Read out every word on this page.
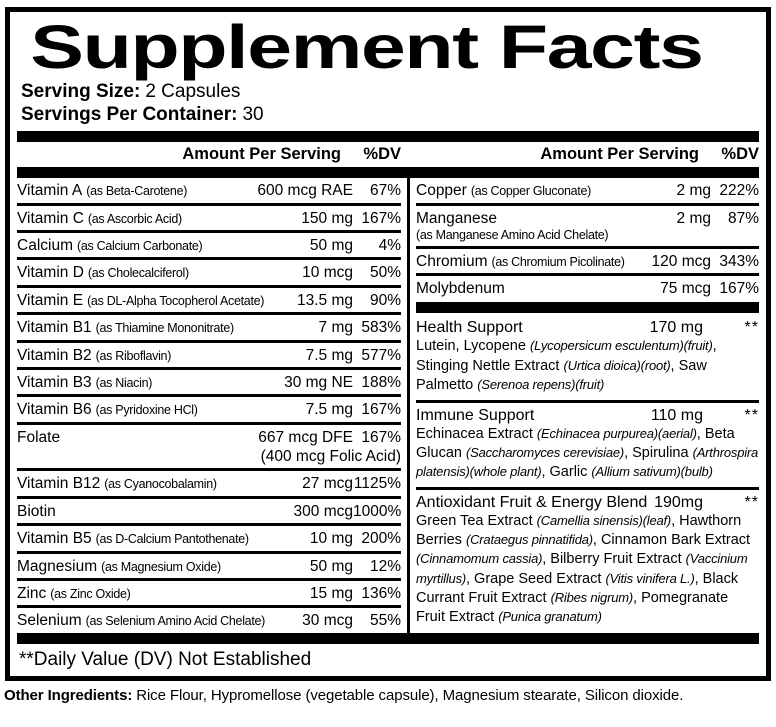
Supplement Facts
Serving Size: 2 Capsules
Servings Per Container: 30
Amount Per Serving	%DV	Amount Per Serving	%DV
Vitamin A (as Beta-Carotene)	600 mcg RAE	67%
Vitamin C (as Ascorbic Acid)	150 mg 167%
Calcium (as Calcium Carbonate)	50 mg	4%
Vitamin D (as Cholecalciferol)	10 mcg	50%
Vitamin E (as DL-Alpha Tocopherol Acetate)	13.5 mg	90%
Vitamin B1 (as Thiamine Mononitrate)	7 mg 583%
Vitamin B2 (as Riboflavin)	7.5 mg 577%
Vitamin B3 (as Niacin)	30 mg NE 188%
Vitamin B6 (as Pyridoxine HCl)	7.5 mg 167%
Folate	667 mcg DFE 167%
(400 mcg Folic Acid)
Vitamin B12 (as Cyanocobalamin)	27 mcg 1125%
Biotin	300 mcg 1000%
Vitamin B5 (as D-Calcium Pantothenate)	10 mg 200%
Magnesium (as Magnesium Oxide)	50 mg	12%
Zinc (as Zinc Oxide)	15 mg 136%
Selenium (as Selenium Amino Acid Chelate)	30 mcg	55%
Copper (as Copper Gluconate)	2 mg 222%
Manganese
(as Manganese Amino Acid Chelate)
2 mg	87%
Chromium (as Chromium Picolinate)	120 mcg 343%
Molybdenum	75 mcg 167%
Health Support	170 mg	**
Lutein, Lycopene (Lycopersicum esculentum)(fruit), Stinging Nettle Extract (Urtica dioica)(root), Saw Palmetto (Serenoa repens)(fruit)
Immune Support	110 mg	**
Echinacea Extract (Echinacea purpurea)(aerial), Beta Glucan (Saccharomyces cerevisiae), Spirulina (Arthrospira platensis)(whole plant), Garlic (Allium sativum)(bulb)
Antioxidant Fruit & Energy Blend 190mg	**
Green Tea Extract (Camellia sinensis)(leaf), Hawthorn Berries (Crataegus pinnatifida), Cinnamon Bark Extract (Cinnamomum cassia), Bilberry Fruit Extract (Vaccinium myrtillus), Grape Seed Extract (Vitis vinifera L.), Black Currant Fruit Extract (Ribes nigrum), Pomegranate Fruit Extract (Punica granatum)
**Daily Value (DV) Not Established
Other Ingredients: Rice Flour, Hypromellose (vegetable capsule), Magnesium stearate, Silicon dioxide.
